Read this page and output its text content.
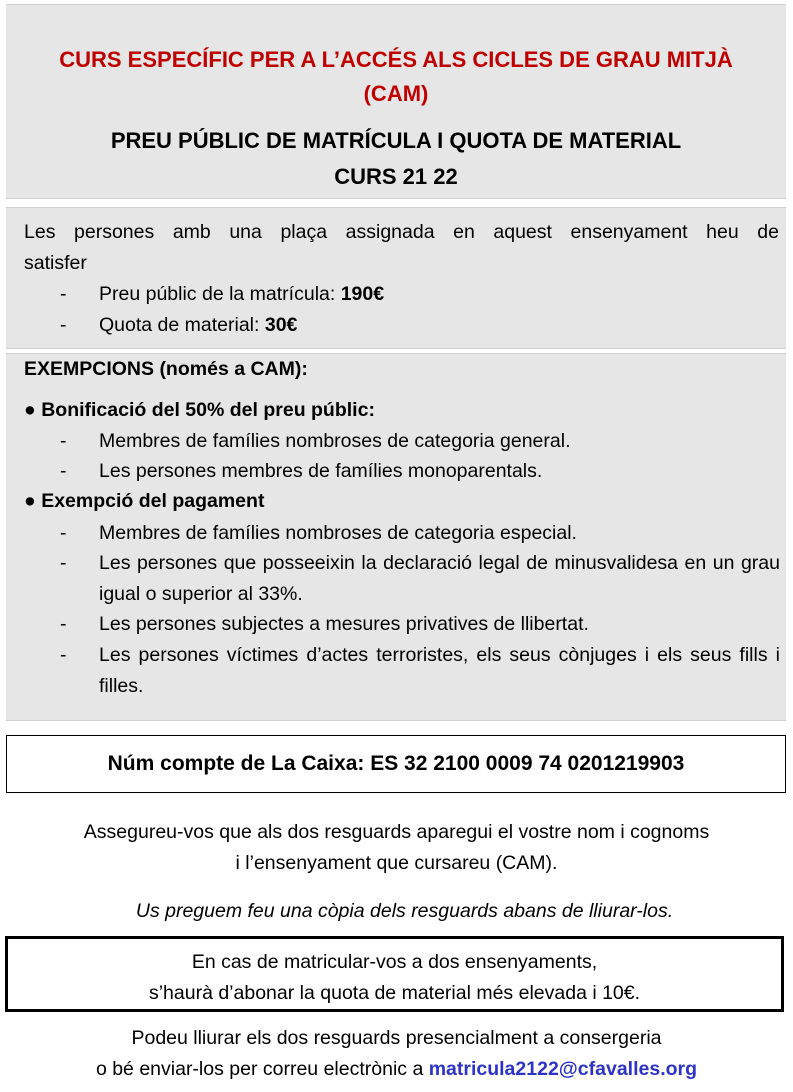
CURS ESPECÍFIC PER A L’ACCÉS ALS CICLES DE GRAU MITJÀ
(CAM)
PREU PÚBLIC DE MATRÍCULA I QUOTA DE MATERIAL
CURS 21 22
Les persones amb una plaça assignada en aquest ensenyament heu de
satisfer
- Preu públic de la matrícula: 190€
- Quota de material: 30€
EXEMPCIONS (només a CAM):
● Bonificació del 50% del preu públic:
- Membres de famílies nombroses de categoria general.
- Les persones membres de famílies monoparentals.
● Exempció del pagament
- Membres de famílies nombroses de categoria especial.
- Les persones que posseeixin la declaració legal de minusvalidesa en un grau igual o superior al 33%.
- Les persones subjectes a mesures privatives de llibertat.
- Les persones víctimes d’actes terroristes, els seus cònjuges i els seus fills i filles.
Núm compte de La Caixa: ES 32 2100 0009 74 0201219903
Assegureu-vos que als dos resguards aparegui el vostre nom i cognoms
i l’ensenyament que cursareu (CAM).
Us preguem feu una còpia dels resguards abans de lliurar-los.
En cas de matricular-vos a dos ensenyaments,
s’haurà d’abonar la quota de material més elevada i 10€.
Podeu lliurar els dos resguards presencialment a consergeria
o bé enviar-los per correu electrònic a matricula2122@cfavalles.org
